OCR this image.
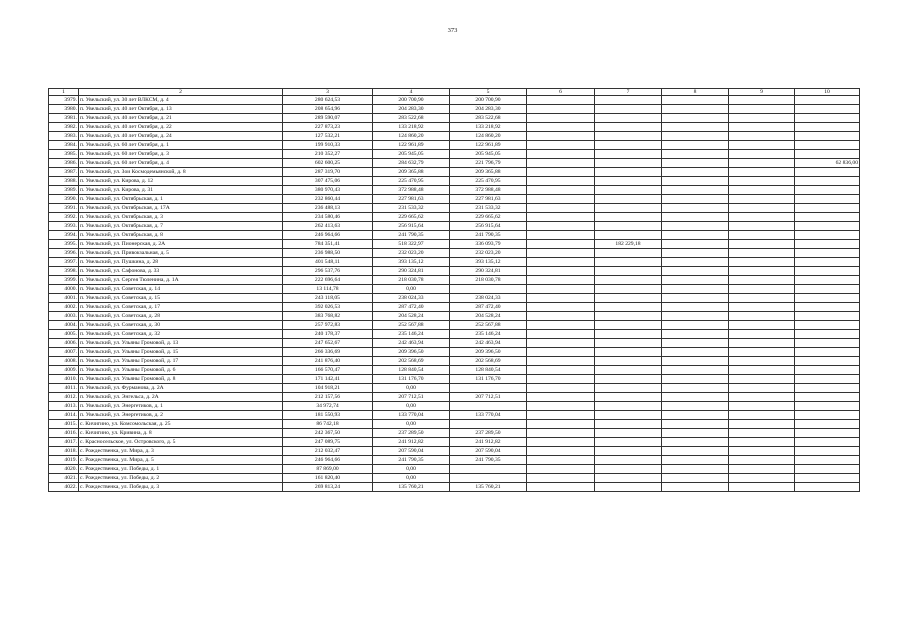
373
1	2	3	4	5	6	7	8	9	10
3979.	п. Увельский, ул. 30 лет ВЛКСМ, д. 4	280 624,53	200 700,90	200 700,90					
3980.	п. Увельский, ул. 40 лет Октября, д. 13	208 654,96	204 283,30	204 283,30					
3981.	п. Увельский, ул. 40 лет Октября, д. 21	289 590,07	283 522,68	283 522,68					
3982.	п. Увельский, ул. 40 лет Октября, д. 22	227 873,23	133 218,92	133 218,92					
3983.	п. Увельский, ул. 40 лет Октября, д. 24	127 532,21	124 860,20	124 860,20					
3984.	п. Увельский, ул. 60 лет Октября, д. 1	199 910,33	122 961,89	122 961,89					
3985.	п. Увельский, ул. 60 лет Октября, д. 3	210 352,27	205 945,05	205 945,05					
3986.	п. Увельский, ул. 60 лет Октября, д. 4	602 600,25	284 632,79	221 796,79					62 836,00
3987.	п. Увельский, ул. Зои Космодемьянской, д. 8	287 319,70	209 365,88	209 365,88					
3988.	п. Увельский, ул. Кирова, д. 12	307 475,06	225 470,95	225 470,95					
3989.	п. Увельский, ул. Кирова, д. 31	380 970,43	372 988,48	372 988,48					
3990.	п. Увельский, ул. Октябрьская, д. 1	232 860,44	227 981,63	227 981,63					
3991.	п. Увельский, ул. Октябрьская, д. 17А	236 488,13	231 533,32	231 533,32					
3992.	п. Увельский, ул. Октябрьская, д. 3	234 580,46	229 665,62	229 665,62					
3993.	п. Увельский, ул. Октябрьская, д. 7	262 413,63	256 915,64	256 915,64					
3994.	п. Увельский, ул. Октябрьская, д. 8	246 964,66	241 790,35	241 790,35					
3995.	п. Увельский, ул. Пионерская, д. 2А	784 351,41	518 322,97	336 093,79		182 229,18			
3996.	п. Увельский, ул. Привокзальная, д. 5	236 988,50	232 023,20	232 023,20					
3997.	п. Увельский, ул. Пушкина, д. 28	401 548,11	393 135,12	393 135,12					
3998.	п. Увельский, ул. Сафонова, д. 33	296 537,76	290 324,81	290 324,81					
3999.	п. Увельский, ул. Сергея Тюленина, д. 1А	222 696,64	218 030,78	218 030,78					
4000.	п. Увельский, ул. Советская, д. 14	13 114,78	0,00						
4001.	п. Увельский, ул. Советская, д. 15	243 118,05	238 024,33	238 024,33					
4002.	п. Увельский, ул. Советская, д. 17	392 026,53	287 472,40	287 472,40					
4003.	п. Увельский, ул. Советская, д. 28	383 768,82	204 528,24	204 528,24					
4004.	п. Увельский, ул. Советская, д. 30	257 972,83	252 567,88	252 567,88					
4005.	п. Увельский, ул. Советская, д. 32	240 178,37	235 146,24	235 146,24					
4006.	п. Увельский, ул. Ульяны Громовой, д. 13	247 652,67	242 463,94	242 463,94					
4007.	п. Увельский, ул. Ульяны Громовой, д. 15	266 336,69	209 396,50	209 396,50					
4008.	п. Увельский, ул. Ульяны Громовой, д. 17	241 876,40	202 568,69	202 568,69					
4009.	п. Увельский, ул. Ульяны Громовой, д. 6	166 570,47	128 840,54	128 840,54					
4010.	п. Увельский, ул. Ульяны Громовой, д. 8	171 142,41	131 176,70	131 176,70					
4011.	п. Увельский, ул. Фурманова, д. 2А	104 918,21	0,00						
4012.	п. Увельский, ул. Энгельса, д. 2А	212 157,56	207 712,51	207 712,51					
4013.	п. Увельский, ул. Энергетиков, д. 1	34 972,74	0,00						
4014.	п. Увельский, ул. Энергетиков, д. 2	181 550,93	133 770,04	133 770,04					
4015.	с. Кичигино, ул. Комсомольская, д. 25	86 742,18	0,00						
4016.	с. Кичигино, ул. Кривина, д. 8	242 367,50	237 289,50	237 289,50					
4017.	с. Красносельское, ул. Островского, д. 5	247 089,75	241 912,82	241 912,82					
4018.	с. Рождественка, ул. Мира, д. 3	212 032,47	207 590,04	207 590,04					
4019.	с. Рождественка, ул. Мира, д. 5	246 964,66	241 790,35	241 790,35					
4020.	с. Рождественка, ул. Победы, д. 1	87 869,00	0,00						
4021.	с. Рождественка, ул. Победы, д. 2	161 820,40	0,00						
4022.	с. Рождественка, ул. Победы, д. 3	269 813,24	135 760,21	135 760,21					
